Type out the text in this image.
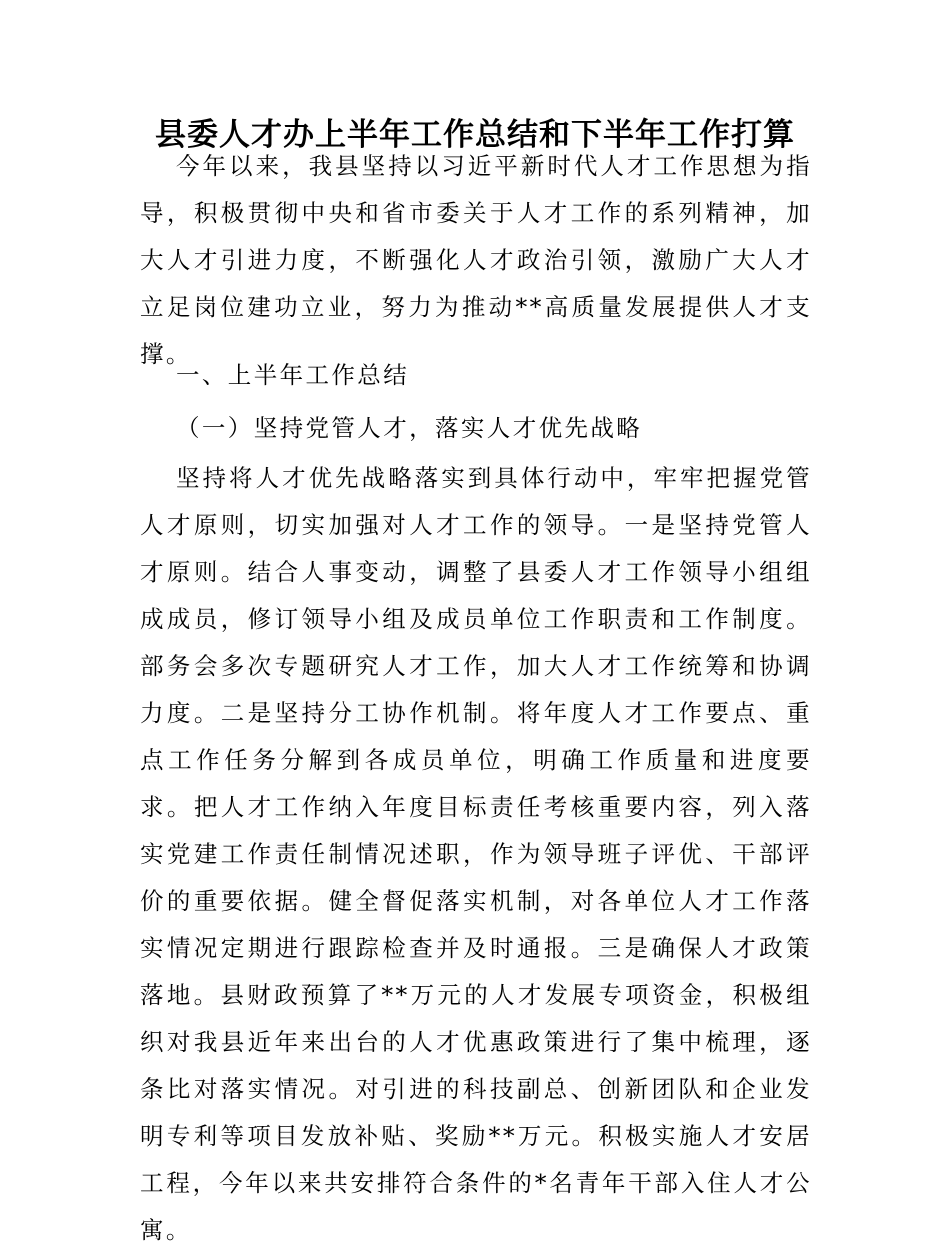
县委人才办上半年工作总结和下半年工作打算

今年以来，我县坚持以习近平新时代人才工作思想为指导，积极贯彻中央和省市委关于人才工作的系列精神，加大人才引进力度，不断强化人才政治引领，激励广大人才立足岗位建功立业，努力为推动**高质量发展提供人才支撑。

一、上半年工作总结

（一）坚持党管人才，落实人才优先战略

坚持将人才优先战略落实到具体行动中，牢牢把握党管人才原则，切实加强对人才工作的领导。一是坚持党管人才原则。结合人事变动，调整了县委人才工作领导小组组成成员，修订领导小组及成员单位工作职责和工作制度。部务会多次专题研究人才工作，加大人才工作统筹和协调力度。二是坚持分工协作机制。将年度人才工作要点、重点工作任务分解到各成员单位，明确工作质量和进度要求。把人才工作纳入年度目标责任考核重要内容，列入落实党建工作责任制情况述职，作为领导班子评优、干部评价的重要依据。健全督促落实机制，对各单位人才工作落实情况定期进行跟踪检查并及时通报。三是确保人才政策落地。县财政预算了**万元的人才发展专项资金，积极组织对我县近年来出台的人才优惠政策进行了集中梳理，逐条比对落实情况。对引进的科技副总、创新团队和企业发明专利等项目发放补贴、奖励**万元。积极实施人才安居工程，今年以来共安排符合条件的*名青年干部入住人才公寓。
